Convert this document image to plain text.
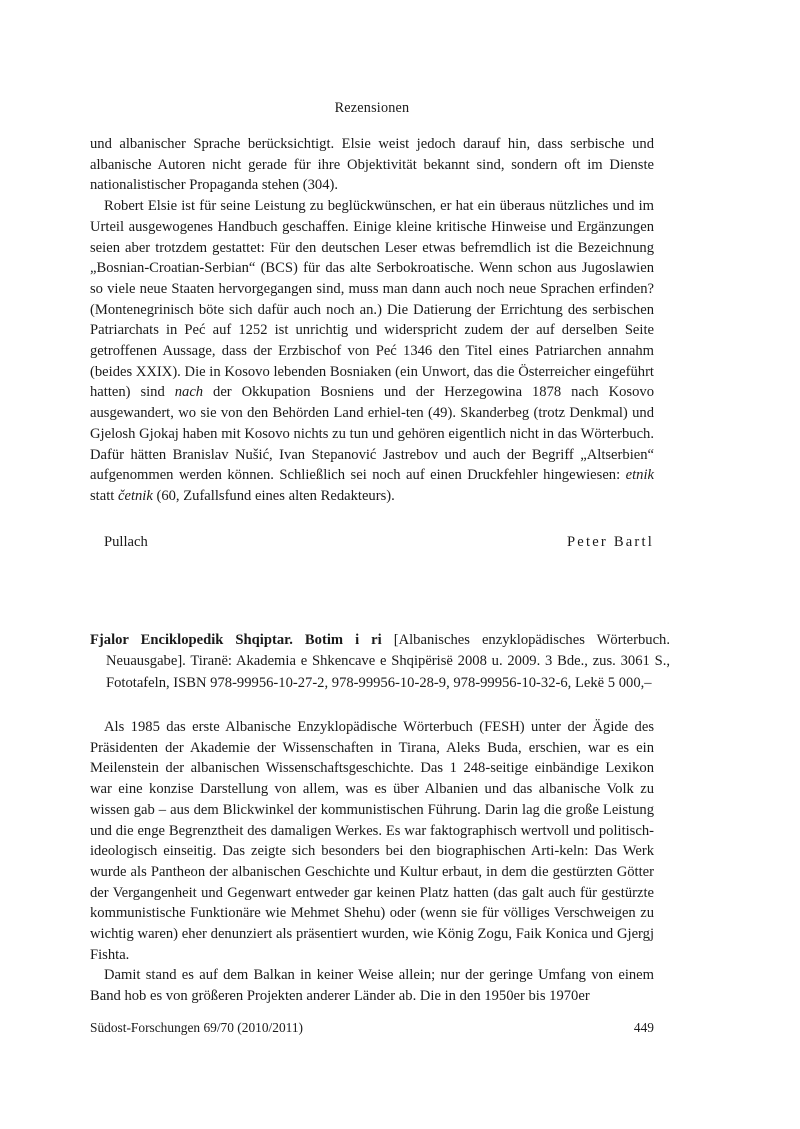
Rezensionen

und albanischer Sprache berücksichtigt. Elsie weist jedoch darauf hin, dass serbische und albanische Autoren nicht gerade für ihre Objektivität bekannt sind, sondern oft im Dienste nationalistischer Propaganda stehen (304).

Robert Elsie ist für seine Leistung zu beglückwünschen, er hat ein überaus nützliches und im Urteil ausgewogenes Handbuch geschaffen. Einige kleine kritische Hinweise und Ergänzungen seien aber trotzdem gestattet: Für den deutschen Leser etwas befremdlich ist die Bezeichnung „Bosnian-Croatian-Serbian“ (BCS) für das alte Serbokroatische. Wenn schon aus Jugoslawien so viele neue Staaten hervorgegangen sind, muss man dann auch noch neue Sprachen erfinden? (Montenegrinisch böte sich dafür auch noch an.) Die Datierung der Errichtung des serbischen Patriarchats in Peć auf 1252 ist unrichtig und widerspricht zudem der auf derselben Seite getroffenen Aussage, dass der Erzbischof von Peć 1346 den Titel eines Patriarchen annahm (beides XXIX). Die in Kosovo lebenden Bosniaken (ein Unwort, das die Österreicher eingeführt hatten) sind nach der Okkupation Bosniens und der Herzegowina 1878 nach Kosovo ausgewandert, wo sie von den Behörden Land erhiel-ten (49). Skanderbeg (trotz Denkmal) und Gjelosh Gjokaj haben mit Kosovo nichts zu tun und gehören eigentlich nicht in das Wörterbuch. Dafür hätten Branislav Nušić, Ivan Stepanović Jastrebov und auch der Begriff „Altserbien“ aufgenommen werden können. Schließlich sei noch auf einen Druckfehler hingewiesen: etnik statt četnik (60, Zufallsfund eines alten Redakteurs).

Pullach	Peter Bartl

Fjalor Enciklopedik Shqiptar. Botim i ri [Albanisches enzyklopädisches Wörterbuch. Neuausgabe]. Tiranë: Akademia e Shkencave e Shqipërisë 2008 u. 2009. 3 Bde., zus. 3061 S., Fototafeln, ISBN 978-99956-10-27-2, 978-99956-10-28-9, 978-99956-10-32-6, Lekë 5 000,–

Als 1985 das erste Albanische Enzyklopädische Wörterbuch (FESH) unter der Ägide des Präsidenten der Akademie der Wissenschaften in Tirana, Aleks Buda, erschien, war es ein Meilenstein der albanischen Wissenschaftsgeschichte. Das 1 248-seitige einbändige Lexikon war eine konzise Darstellung von allem, was es über Albanien und das albanische Volk zu wissen gab – aus dem Blickwinkel der kommunistischen Führung. Darin lag die große Leistung und die enge Begrenztheit des damaligen Werkes. Es war faktographisch wertvoll und politisch-ideologisch einseitig. Das zeigte sich besonders bei den biographischen Arti-keln: Das Werk wurde als Pantheon der albanischen Geschichte und Kultur erbaut, in dem die gestürzten Götter der Vergangenheit und Gegenwart entweder gar keinen Platz hatten (das galt auch für gestürzte kommunistische Funktionäre wie Mehmet Shehu) oder (wenn sie für völliges Verschweigen zu wichtig waren) eher denunziert als präsentiert wurden, wie König Zogu, Faik Konica und Gjergj Fishta.

Damit stand es auf dem Balkan in keiner Weise allein; nur der geringe Umfang von einem Band hob es von größeren Projekten anderer Länder ab. Die in den 1950er bis 1970er

Südost-Forschungen 69/70 (2010/2011)	449
